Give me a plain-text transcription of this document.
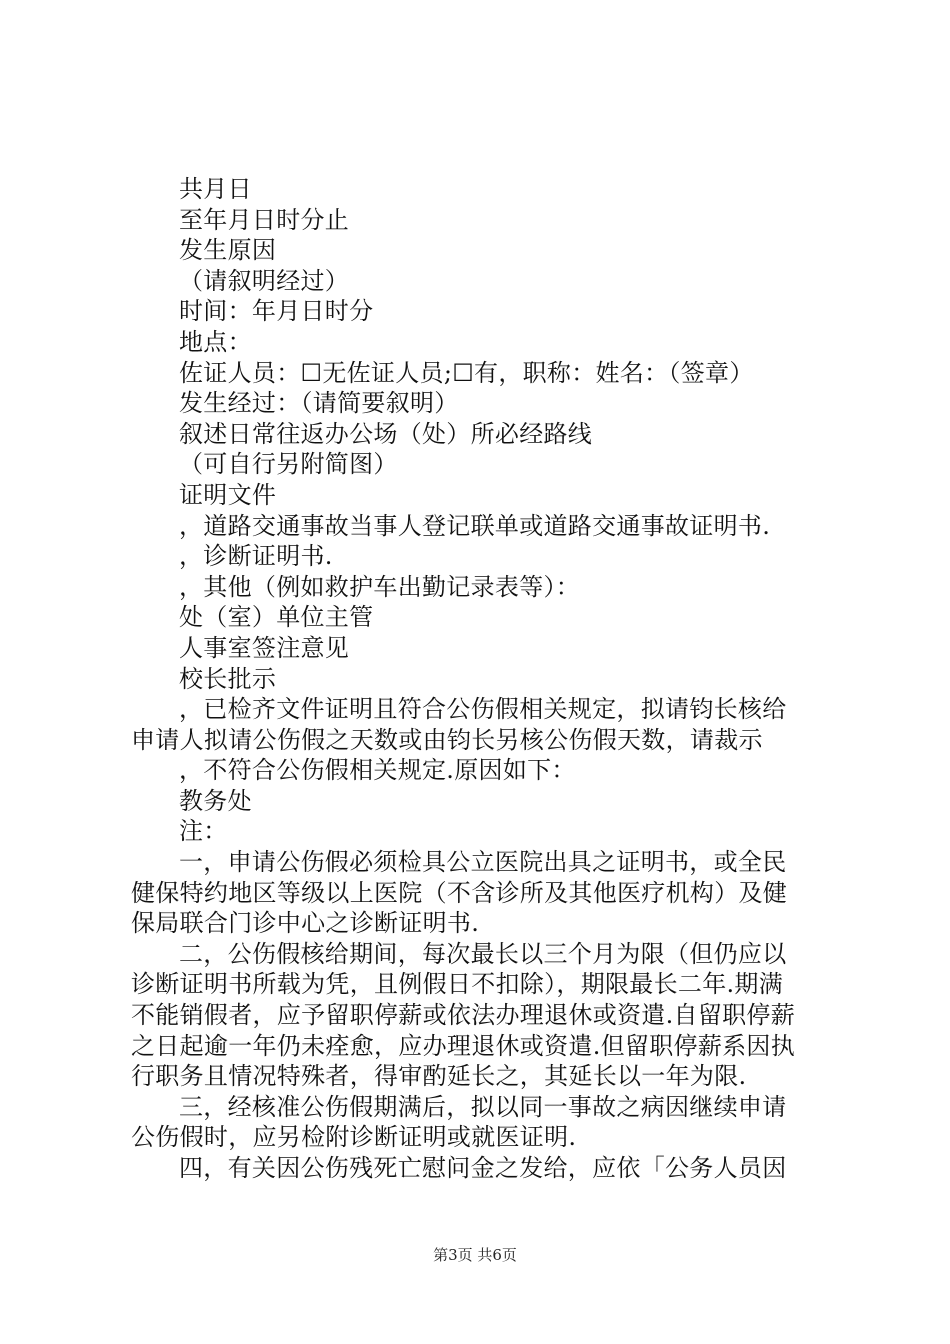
共月日
至年月日时分止
发生原因
（请叙明经过）
时间：年月日时分
地点：
佐证人员：☐无佐证人员;☐有，职称：姓名：（签章）
发生经过：（请简要叙明）
叙述日常往返办公场（处）所必经路线
（可自行另附简图）
证明文件
，道路交通事故当事人登记联单或道路交通事故证明书.
，诊断证明书.
，其他（例如救护车出勤记录表等）：
处（室）单位主管
人事室签注意见
校长批示
，已检齐文件证明且符合公伤假相关规定，拟请钧长核给
申请人拟请公伤假之天数或由钧长另核公伤假天数，请裁示
，不符合公伤假相关规定.原因如下：
教务处
注：
一，申请公伤假必须检具公立医院出具之证明书，或全民
健保特约地区等级以上医院（不含诊所及其他医疗机构）及健
保局联合门诊中心之诊断证明书.
二，公伤假核给期间，每次最长以三个月为限（但仍应以
诊断证明书所载为凭，且例假日不扣除），期限最长二年.期满
不能销假者，应予留职停薪或依法办理退休或资遣.自留职停薪
之日起逾一年仍未痊愈，应办理退休或资遣.但留职停薪系因执
行职务且情况特殊者，得审酌延长之，其延长以一年为限.
三，经核准公伤假期满后，拟以同一事故之病因继续申请
公伤假时，应另检附诊断证明或就医证明.
四，有关因公伤残死亡慰问金之发给，应依「公务人员因
第3页 共6页
